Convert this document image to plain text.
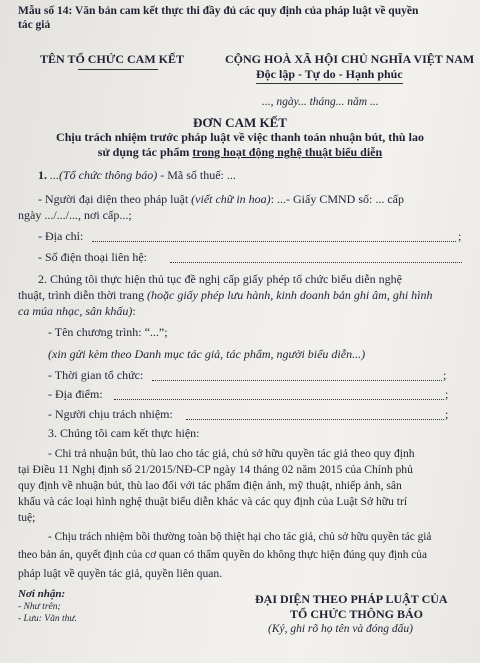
Mẫu số 14: Văn bản cam kết thực thi đầy đủ các quy định của pháp luật về quyền
tác giả
TÊN TỔ CHỨC CAM KẾT	CỘNG HOÀ XÃ HỘI CHỦ NGHĨA VIỆT NAM
Độc lập - Tự do - Hạnh phúc
..., ngày... tháng... năm ...
ĐƠN CAM KẾT
Chịu trách nhiệm trước pháp luật về việc thanh toán nhuận bút, thù lao
sử dụng tác phẩm trong hoạt động nghệ thuật biểu diễn
1. ...(Tổ chức thông báo) - Mã số thuế: ...
- Người đại diện theo pháp luật (viết chữ in hoa): ...- Giấy CMND số: ... cấp
ngày .../.../..., nơi cấp...;
- Địa chỉ:	;
- Số điện thoại liên hệ:
2. Chúng tôi thực hiện thủ tục đề nghị cấp giấy phép tổ chức biểu diễn nghệ
thuật, trình diễn thời trang (hoặc giấy phép lưu hành, kinh doanh bản ghi âm, ghi hình
ca múa nhạc, sân khấu):
- Tên chương trình: “...”;
(xin gửi kèm theo Danh mục tác giả, tác phẩm, người biểu diễn...)
- Thời gian tổ chức:	;
- Địa điểm:	;
- Người chịu trách nhiệm:	;
3. Chúng tôi cam kết thực hiện:
- Chi trả nhuận bút, thù lao cho tác giả, chủ sở hữu quyền tác giả theo quy định
tại Điều 11 Nghị định số 21/2015/NĐ-CP ngày 14 tháng 02 năm 2015 của Chính phủ
quy định về nhuận bút, thù lao đối với tác phẩm điện ảnh, mỹ thuật, nhiếp ảnh, sân
khấu và các loại hình nghệ thuật biểu diễn khác và các quy định của Luật Sở hữu trí
tuệ;
- Chịu trách nhiệm bồi thường toàn bộ thiệt hại cho tác giả, chủ sở hữu quyền tác giả
theo bản án, quyết định của cơ quan có thẩm quyền do không thực hiện đúng quy định của
pháp luật về quyền tác giả, quyền liên quan.
Nơi nhận:
- Như trên;
- Lưu: Văn thư.
ĐẠI DIỆN THEO PHÁP LUẬT CỦA
TỔ CHỨC THÔNG BÁO
(Ký, ghi rõ họ tên và đóng dấu)
